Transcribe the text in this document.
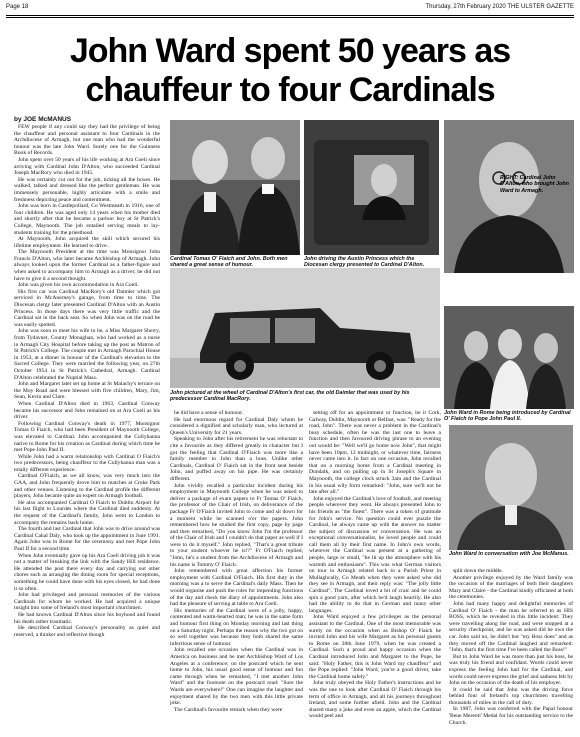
Page 18	Thursday, 27th February 2020 THE ULSTER GAZETTE
John Ward spent 50 years as
chauffeur to four Cardinals
by JOE McMANUS

FEW people if any could say they had the privilege of being the chauffeur and personal assistant to four Cardinals in the Archdiocese of Armagh, but one man who had the wonderful honour was the late John Ward. Surely one for the Guinness Book of Records.

John spent over 50 years of his life working at Ara Coeli since arriving with Cardinal John D'Alton, who succeeded Cardinal Joseph MacRory who died in 1945.

He was certainly cut out for the job, ticking all the boxes. He walked, talked and dressed like the perfect gentleman. He was immensely personable, highly articulate with a smile and freshness depicting peace and contentment.

John was born in Castlepollard, Co Westmeath in 1916, one of four children. He was aged only 14 years when his mother died and shortly after that he became a parlour boy at St Patrick's College, Maynooth. The job entailed serving meals to lay-students training for the priesthood.

At Maynooth, John acquired the skill which secured his lifetime employment. He learned to drive.

The Maynooth President at the time was Monsignor John Francis D'Alton, who later became Archbishop of Armagh. John always looked upon the former Cardinal as a father-figure and when asked to accompany him to Armagh as a driver, he did not have to give it a second thought.

John was given his own accommodation in Ara Coeli.

His first car was Cardinal MacRory's old Daimler which got serviced in McAnerney's garage, from time to time. The Diocesan clergy later presented Cardinal D'Alton with an Austin Princess. In those days there was very little traffic and the Cardinal sat in the back seat. So when John was on the road he was easily spotted.

John was soon to meet his wife to be, a Miss Margaret Sherry, from Tydavnet, County Monaghan, who had worked as a nurse in Armagh City Hospital before taking up the post as Matron of St Patrick's College. The couple met in Armagh Parochial House in 1953, at a dinner in honour of the Cardinal's elevation to the Sacred College. They were married the following year, on 27th October 1954 in St Patrick's Cathedral, Armagh. Cardinal D'Alton celebrated the Nuptial Mass.

John and Margaret later set up home at St Malachy's terrace on the Moy Road and were blessed with five children, Mary, Jim, Sean, Kevin and Clare.

When Cardinal D'Alton died in 1963, Cardinal Conway became his successor and John remained on at Ara Coeli as his driver.

Following Cardinal Conway's death in 1977, Monsignor Tomas O Fiaich, who had been President of Maynooth College, was elevated to Cardinal. John accompanied the Cullyhanna native to Rome for his creation as Cardinal during which time he met Pope John Paul II.

While John had a warm relationship with Cardinal O Fiaich's two predecessors, being chauffeur to the Cullyhanna man was a totally different experience.

Cardinal O'Fiaich, as we all know, was very much into the GAA, and John frequently drove him to matches at Croke Park and other venues. Listening to the Cardinal profile the different players, John became quite an expert on Armagh football.

He also accompanied Cardinal O Fiaich to Dublin Airport for his last flight to Lourdes where the Cardinal died suddenly. At the request of the Cardinal's family, John went to London to accompany the remains back home.

The fourth and last Cardinal that John was to drive around was Cardinal Cahal Daly, who took up the appointment in June 1991. Again John was in Rome for the ceremony and met Pope John Paul II for a second time.

When John eventually gave up his Ara Coeli driving job it was not a matter of breaking the link with the Sandy Hill residence. He attended the post there every day and carrying out other chores such as arranging the dining room for special receptions, something he could have done with his eyes closed, he had done it so often.

John had privileged and personal memories of the various Cardinals for whom he worked. He had acquired a unique insight into some of Ireland's most important churchmen.

He had known Cardinal D'Alton since his boyhood and found his death rather traumatic.

He described Cardinal Conway's personality as quiet and reserved, a thinker and reflective though

Cardinal Tomas O' Fiaich and John. Both men shared a great sense of humour.
John driving the Austin Princess which the Diocesan clergy presented to Cardinal D'Alton.
RIGHT: Cardinal John D'Alton, who brought John Ward to Armagh.
John pictured at the wheel of Cardinal D'Alton's first car, the old Daimler that was used by his predecessor Cardinal MacRory.
John Ward in Rome being introduced by Cardinal O' Fiaich to Pope John Paul II.
John Ward in conversation with Joe McManus.

he did have a sense of humour.

He had enormous regard for Cardinal Daly whom he considered a dignified and scholarly man, who lectured at Queen's University for 21 years.

Speaking to John after his retirement he was reluctant to cite a favourite as they differed greatly in character but I got the feeling that Cardinal O'Fiaich was more like a family member to John than a boss. Unlike other Cardinals, Cardinal O' Fiaich sat in the front seat beside John, and puffed away on his pipe. He was certainly different.

John vividly recalled a particular incident during his employment in Maynooth College when he was asked to deliver a package of exam papers to Fr Tomas O' Fiaich, the professor of the Chair of Irish, on deliverance of the package Fr O'Fiaich invited John to come and sit down for a moment while he scanned o'er the papers. John remembered how he studied the first copy, page by page and then remarked, "Do you know John I'm the professor of the Chair of Irish and I couldn't do that paper as well if I were to do it myself." John replied, "That's a great tribute to your student whoever he is!?" Fr O'Fiaich replied, "John, he's a student from the Archdiocese of Armagh and his name is Tommy O' Fiaich.

John remembered with great affection his former employment with Cardinal O'Fiaich. His first duty in the morning was a to serve the Cardinal's daily Mass. Then he would organise and push the roles for impending functions of the day and check the diary of appointments. John also had the pleasure of serving at table to Ara Coeli.

His memories of the Cardinal were of a jolly, happy, contented and warm-hearted man; he was in the same form and humour first thing on Monday morning and last thing on a Saturday night. Perhaps the reason why the two got on so well together was because they both shared the same infectious sense of humour.

John recalled one occasion when the Cardinal was in America on business and he met Archbishop Ward of Los Angeles at a conference; on the postcard which he sent home to John, his usual good sense of humour and fun came through when he remarked, "I met another John Ward" and the footnote on the postcard read: "Sure the Wards are everywhere!" One can imagine the laughter and enjoyment shared by the two men with this little private joke.

The Cardinal's favourite remark when they were

setting off for an appointment or function, be it Cork, Galway, Dublin, Maynooth or Belfast, was: "Ready for the road, John". There was never a problem in the Cardinal's busy schedule, often he was the last one to leave a function and then favoured driving phrase to an evening out would be: "Well we'll go home now John", that might have been 10pm, 12 midnight, or whatever time, fairness never came into it. In fact on one occasion, John recalled that on a morning home from a Cardinal meeting in Dundalk, and on pulling up in St Joseph's Square in Maynooth, the college clock struck 3am and the Cardinal in his usual wily form remarked: "John, sure we'll not be late after all."

John enjoyed the Cardinal's love of football, and meeting people wherever they went. He always presented John to his friends as "the finest". There was a token of gratitude for John's service. No question could ever puzzle the Cardinal, he always came up with the answer no matter the subject of discussion or conversation. He was an exceptional conversationalist, he loved people and could call them all by their first name. In John's own words, wherever the Cardinal was present at a gathering of people, large or small, "he lit up the atmosphere with his warmth and enthusiasm". This was what German visitors on tour in Armagh related back to a Parish Priest in Mullaghcally, Co Meath when they were asked who did they see in Armagh, and their reply was: "The jolly little Cardinal". The Cardinal loved a bit of craic and he could spin a good yarn, after which he'd laugh heartily. He also had the ability to do that in German and many other languages.

John Ward enjoyed a few privileges as the personal assistant to the Cardinal. One of the most memorable was surely on the occasion when as Bishop O' Fiaich he invited John and his wife Margaret as his personal guests to Rome on 30th June 1979, when he was created a Cardinal. Such a proud and happy occasion when the Cardinal introduced John and Margaret to the Pope, he said: "Holy Father, this is John Ward my chauffeur" and the Pope replied: "John Ward, you're a good driver, take the Cardinal home safely."

John truly obeyed the Holy Father's instructions and he was the one to look after Cardinal O' Fiaich through his term of office in Armagh, and all his journeys throughout Ireland, and some further afield. John and the Cardinal shared many a joke and even an apple, which the Cardinal would peel and

split down the middle.

Another privilege enjoyed by the Ward family was the occasion of the marriages of both their daughters Mary and Claire - the Cardinal kindly officiated at both the ceremonies.

John had many happy and delightful memories of Cardinal O' Fiaich - the man he referred to as HIS BOSS, which he revealed in this little incident: They were travelling along the road, and were stopped at a security checkpoint, and he was asked did he own the car. John said no, he didn't but "my Boss does" and as they moved off the Cardinal laughed and remarked: "John, that's the first time I've been called the Boss!"

But to John Ward he was more than just his boss, he was truly his friend and confidant. Words could never express the feeling John had for the Cardinal, and words could never express the grief and sadness felt by John on the occasion of the death of his employer.

It could be said that John was the driving force behind four of Ireland's top churchmen travelling thousands of miles in the call of duty.

In 1987, John was conferred with the Papal honour 'Bene Merenti' Medal for his outstanding service to the Church.
